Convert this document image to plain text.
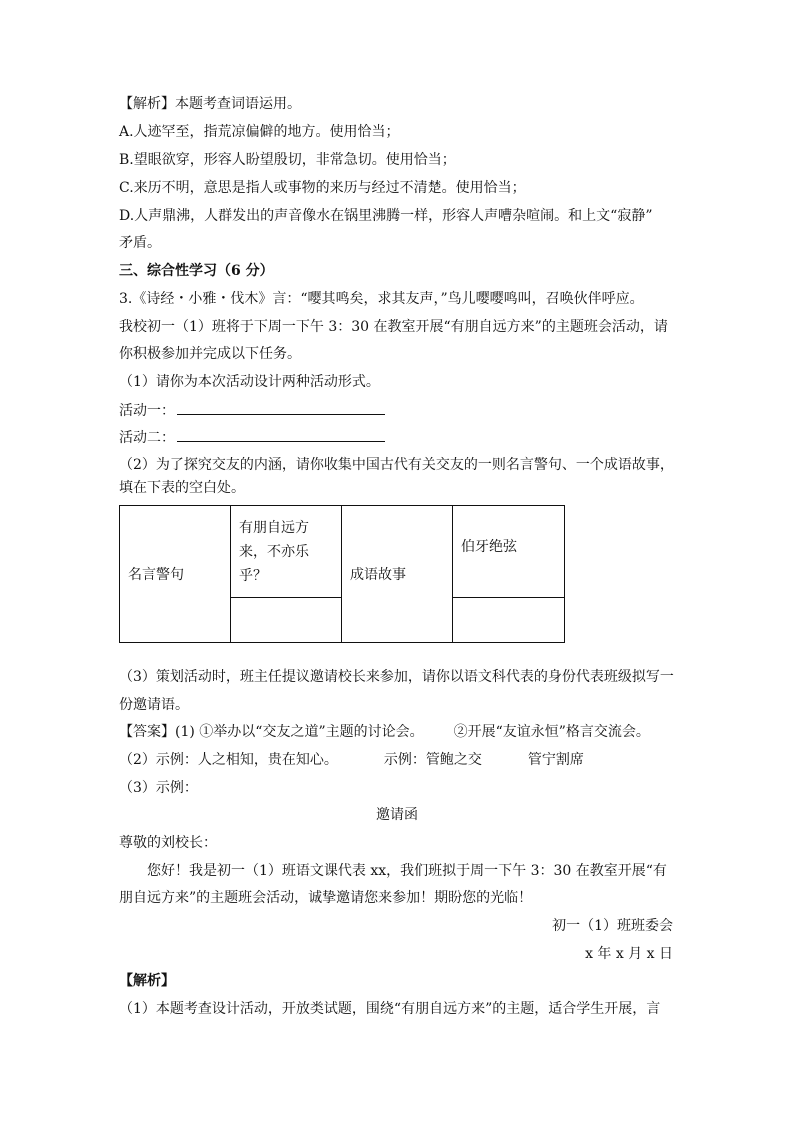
【解析】本题考查词语运用。
A.人迹罕至，指荒凉偏僻的地方。使用恰当；
B.望眼欲穿，形容人盼望殷切，非常急切。使用恰当；
C.来历不明，意思是指人或事物的来历与经过不清楚。使用恰当；
D.人声鼎沸，人群发出的声音像水在锅里沸腾一样，形容人声嘈杂喧闹。和上文“寂静”
矛盾。
三、综合性学习（6 分）
3.《诗经・小雅・伐木》言：“嘤其鸣矣，求其友声，”鸟儿嘤嘤鸣叫，召唤伙伴呼应。
我校初一（1）班将于下周一下午 3：30 在教室开展“有朋自远方来”的主题班会活动，请
你积极参加并完成以下任务。
（1）请你为本次活动设计两种活动形式。
活动一：
活动二：
（2）为了探究交友的内涵，请你收集中国古代有关交友的一则名言警句、一个成语故事，
填在下表的空白处。
名言警句	有朋自远方来，不亦乐乎？	成语故事	伯牙绝弦

（3）策划活动时，班主任提议邀请校长来参加，请你以语文科代表的身份代表班级拟写一
份邀请语。
【答案】(1) ①举办以“交友之道”主题的讨论会。 ②开展“友谊永恒”格言交流会。
（2）示例：人之相知，贵在知心。	示例：管鲍之交	管宁割席
（3）示例：
邀请函
尊敬的刘校长：
您好！我是初一（1）班语文课代表 xx，我们班拟于周一下午 3：30 在教室开展“有
朋自远方来”的主题班会活动，诚挚邀请您来参加！期盼您的光临！
初一（1）班班委会
x 年 x 月 x 日
【解析】
（1）本题考查设计活动，开放类试题，围绕“有朋自远方来”的主题，适合学生开展，言
